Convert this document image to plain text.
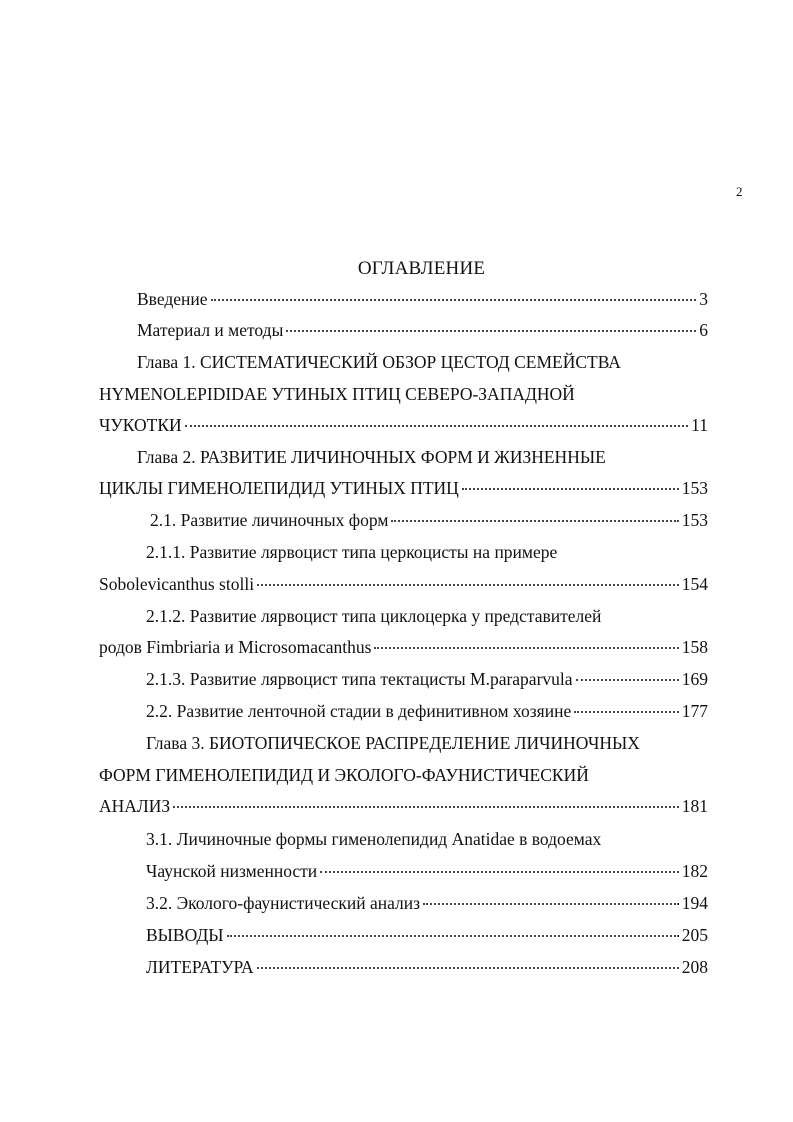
2
ОГЛАВЛЕНИЕ
Введение	3
Материал и методы	6
Глава 1. СИСТЕМАТИЧЕСКИЙ ОБЗОР ЦЕСТОД СЕМЕЙСТВА
HYMENOLEPIDIDAE УТИНЫХ ПТИЦ СЕВЕРО-ЗАПАДНОЙ
ЧУКОТКИ	11
Глава 2. РАЗВИТИЕ ЛИЧИНОЧНЫХ ФОРМ И ЖИЗНЕННЫЕ
ЦИКЛЫ ГИМЕНОЛЕПИДИД УТИНЫХ ПТИЦ	153
2.1. Развитие личиночных форм	153
2.1.1. Развитие лярвоцист типа церкоцисты на примере
Sobolevicanthus stolli	154
2.1.2. Развитие лярвоцист типа циклоцерка у представителей
родов Fimbriaria и Microsomacanthus	158
2.1.3. Развитие лярвоцист типа тектацисты M.paraparvula	169
2.2. Развитие ленточной стадии в дефинитивном хозяине	177
Глава 3. БИОТОПИЧЕСКОЕ РАСПРЕДЕЛЕНИЕ ЛИЧИНОЧНЫХ
ФОРМ ГИМЕНОЛЕПИДИД И ЭКОЛОГО-ФАУНИСТИЧЕСКИЙ
АНАЛИЗ	181
3.1. Личиночные формы гименолепидид Anatidae в водоемах
Чаунской низменности	182
3.2. Эколого-фаунистический анализ	194
ВЫВОДЫ	205
ЛИТЕРАТУРА	208
